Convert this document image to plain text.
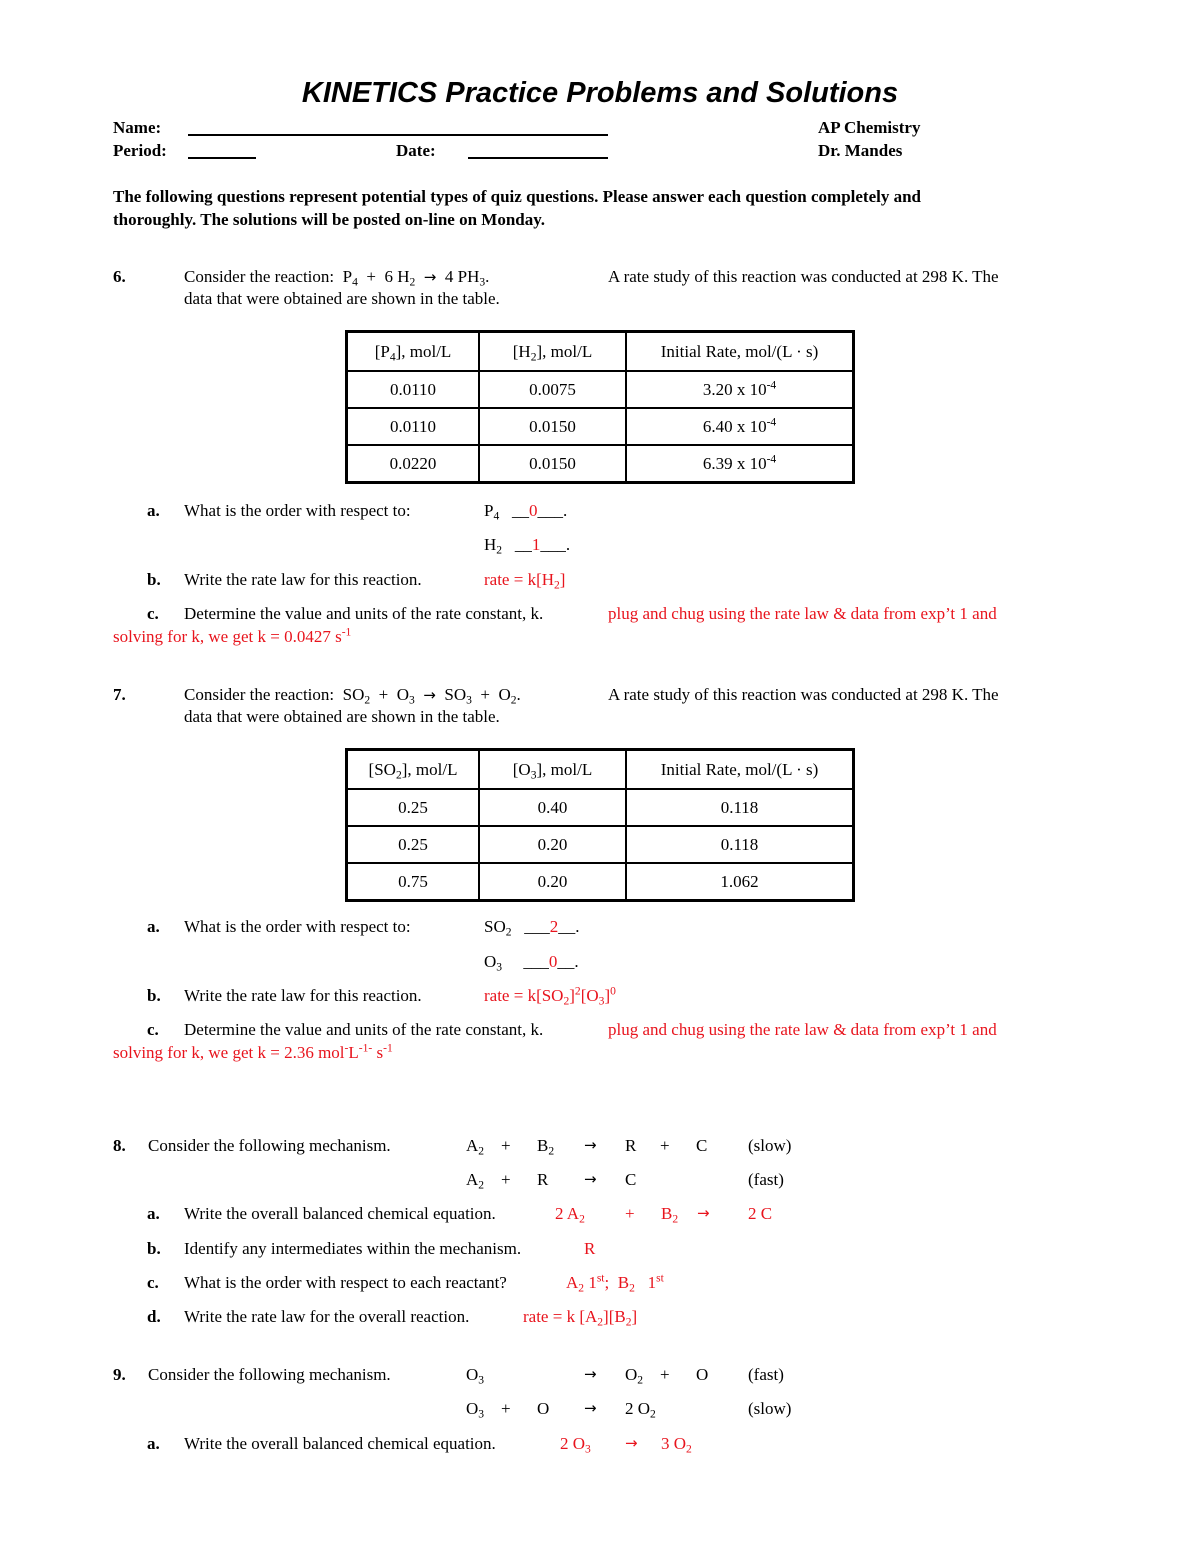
KINETICS Practice Problems and Solutions
Name:	AP Chemistry
Period:	Date:	Dr. Mandes
The following questions represent potential types of quiz questions. Please answer each question completely and
thoroughly. The solutions will be posted on-line on Monday.
6.	Consider the reaction:  $P_4 + 6$ $H_2 \to 4$ $PH_3$.	A rate study of this reaction was conducted at 298 K. The
data that were obtained are shown in the table.
$[P_4]$, mol/L	$[H_2]$, mol/L	Initial Rate, mol/(L · s)
0.0110	0.0075	3.20 x $10^{-4}$
0.0110	0.0150	6.40 x $10^{-4}$
0.0220	0.0150	6.39 x $10^{-4}$
a. What is the order with respect to:	$P_4$   __0___.
$H_2$   __1___.
b. Write the rate law for this reaction.	rate = $k[H_2]$
c. Determine the value and units of the rate constant, k.	plug and chug using the rate law & data from exp’t 1 and
solving for k, we get k = 0.0427 $s^{-1}$
7.	Consider the reaction:  $SO_2 + O_3 \to SO_3 + O_2$.	A rate study of this reaction was conducted at 298 K. The
data that were obtained are shown in the table.
$[SO_2]$, mol/L	$[O_3]$, mol/L	Initial Rate, mol/(L · s)
0.25	0.40	0.118
0.25	0.20	0.118
0.75	0.20	1.062
a. What is the order with respect to:	$SO_2$   ___2__.
$O_3$     ___0__.
b. Write the rate law for this reaction.	rate = $k[SO_2]^2[O_3]^0$
c. Determine the value and units of the rate constant, k.	plug and chug using the rate law & data from exp’t 1 and
solving for k, we get k = 2.36 $mol^-L^{-1-}$ $s^{-1}$
8. Consider the following mechanism.	$A_2 + B_2 \to R + C$ (slow)
$A_2 + R \to C$	(fast)
a. Write the overall balanced chemical equation.	2 $A_2 + B_2 \to 2$ C
b. Identify any intermediates within the mechanism.	R
c. What is the order with respect to each reactant?	$A_2$ 1st;  $B_2$   1st
d. Write the rate law for the overall reaction.	rate = k $[A_2][B_2]$
9. Consider the following mechanism.	$O_3$	→ $O_2 + O$ (fast)
$O_3 + O \to 2$ $O_2$	(slow)
a. Write the overall balanced chemical equation.	2 $O_3 \to 3$ $O_2$
